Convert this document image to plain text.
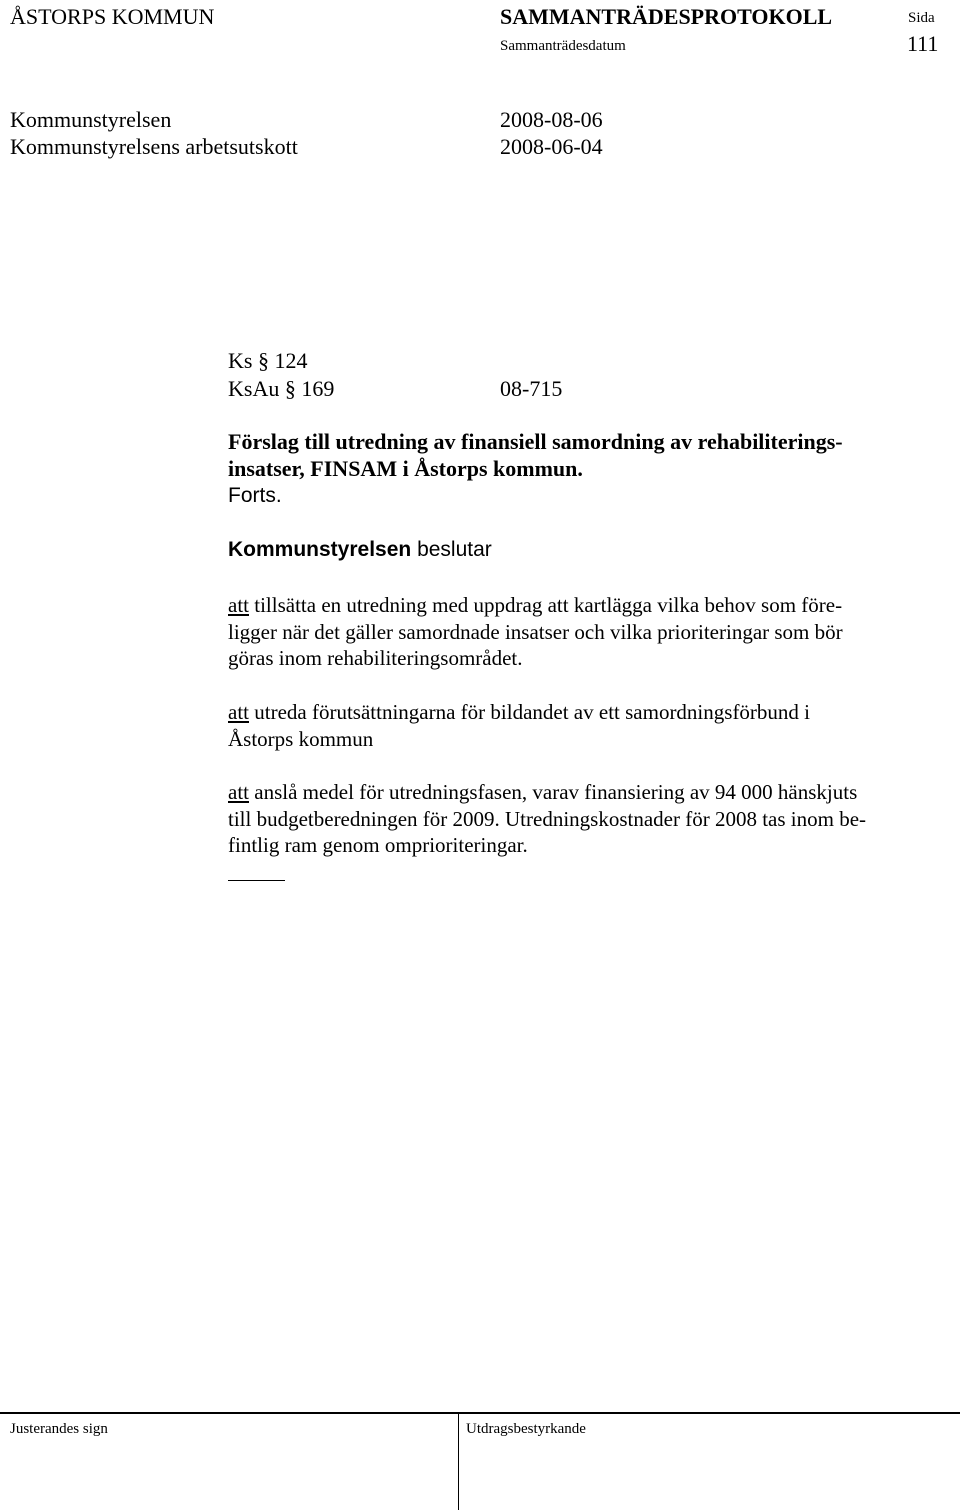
ÅSTORPS KOMMUN	SAMMANTRÄDESPROTOKOLL	Sida
Sammanträdesdatum	111
Kommunstyrelsen	2008-08-06
Kommunstyrelsens arbetsutskott	2008-06-04
Ks § 124
KsAu § 169	08-715
Förslag till utredning av finansiell samordning av rehabiliterings-
insatser, FINSAM i Åstorps kommun.
Forts.
Kommunstyrelsen beslutar
att tillsätta en utredning med uppdrag att kartlägga vilka behov som före-
ligger när det gäller samordnade insatser och vilka prioriteringar som bör
göras inom rehabiliteringsområdet.
att utreda förutsättningarna för bildandet av ett samordningsförbund i
Åstorps kommun
att anslå medel för utredningsfasen, varav finansiering av 94 000 hänskjuts
till budgetberedningen för 2009. Utredningskostnader för 2008 tas inom be-
fintlig ram genom omprioriteringar.
Justerandes sign	Utdragsbestyrkande
